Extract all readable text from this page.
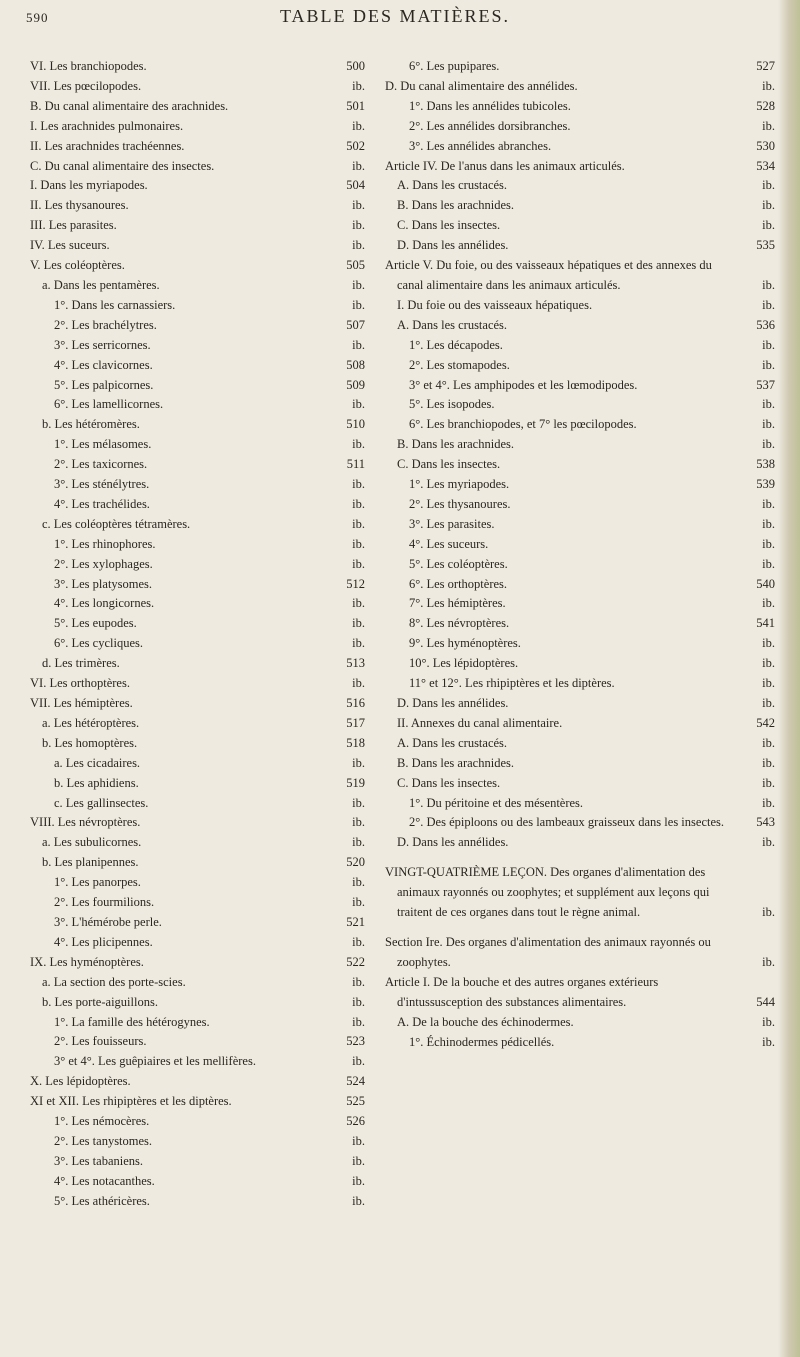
590	TABLE DES MATIÈRES.
VI. Les branchiopodes.	500
VII. Les pœcilopodes.	ib.
B. Du canal alimentaire des arachnides.	501
I. Les arachnides pulmonaires.	ib.
II. Les arachnides trachéennes.	502
C. Du canal alimentaire des insectes.	ib.
I. Dans les myriapodes.	504
II. Les thysanoures.	ib.
III. Les parasites.	ib.
IV. Les suceurs.	ib.
V. Les coléoptères.	505
a. Dans les pentamères.	ib.
1°. Dans les carnassiers.	ib.
2°. Les brachélytres.	507
3°. Les serricornes.	ib.
4°. Les clavicornes.	508
5°. Les palpicornes.	509
6°. Les lamellicornes.	ib.
b. Les hétéromères.	510
1°. Les mélasomes.	ib.
2°. Les taxicornes.	511
3°. Les sténélytres.	ib.
4°. Les trachélides.	ib.
c. Les coléoptères tétramères.	ib.
1°. Les rhinophores.	ib.
2°. Les xylophages.	ib.
3°. Les platysomes.	512
4°. Les longicornes.	ib.
5°. Les eupodes.	ib.
6°. Les cycliques.	ib.
d. Les trimères.	513
VI. Les orthoptères.	ib.
VII. Les hémiptères.	516
a. Les hétéroptères.	517
b. Les homoptères.	518
a. Les cicadaires.	ib.
b. Les aphidiens.	519
c. Les gallinsectes.	ib.
VIII. Les névroptères.	ib.
a. Les subulicornes.	ib.
b. Les planipennes.	520
1°. Les panorpes.	ib.
2°. Les fourmilions.	ib.
3°. L'hémérobe perle.	521
4°. Les plicipennes.	ib.
IX. Les hyménoptères.	522
a. La section des porte-scies.	ib.
b. Les porte-aiguillons.	ib.
1°. La famille des hétérogynes.	ib.
2°. Les fouisseurs.	523
3° et 4°. Les guêpiaires et les mellifères.	ib.
X. Les lépidoptères.	524
XI et XII. Les rhipiptères et les diptères.	525
1°. Les némocères.	526
2°. Les tanystomes.	ib.
3°. Les tabaniens.	ib.
4°. Les notacanthes.	ib.
5°. Les athéricères.	ib.
6°. Les pupipares.	527
D. Du canal alimentaire des annélides.	ib.
1°. Dans les annélides tubicoles.	528
2°. Les annélides dorsibranches.	ib.
3°. Les annélides abranches.	530
Article IV. De l'anus dans les animaux articulés.	534
A. Dans les crustacés.	ib.
B. Dans les arachnides.	ib.
C. Dans les insectes.	ib.
D. Dans les annélides.	535
Article V. Du foie, ou des vaisseaux hépatiques et des annexes du canal alimentaire dans les animaux articulés.	ib.
I. Du foie ou des vaisseaux hépatiques.	ib.
A. Dans les crustacés.	536
1°. Les décapodes.	ib.
2°. Les stomapodes.	ib.
3° et 4°. Les amphipodes et les lœmodipodes.	537
5°. Les isopodes.	ib.
6°. Les branchiopodes, et 7° les pœcilopodes.	ib.
B. Dans les arachnides.	ib.
C. Dans les insectes.	538
1°. Les myriapodes.	539
2°. Les thysanoures.	ib.
3°. Les parasites.	ib.
4°. Les suceurs.	ib.
5°. Les coléoptères.	ib.
6°. Les orthoptères.	540
7°. Les hémiptères.	ib.
8°. Les névroptères.	541
9°. Les hyménoptères.	ib.
10°. Les lépidoptères.	ib.
11° et 12°. Les rhipiptères et les diptères.	ib.
D. Dans les annélides.	ib.
II. Annexes du canal alimentaire.	542
A. Dans les crustacés.	ib.
B. Dans les arachnides.	ib.
C. Dans les insectes.	ib.
1°. Du péritoine et des mésentères.	ib.
2°. Des épiploons ou des lambeaux graisseux dans les insectes.	543
D. Dans les annélides.	ib.
VINGT-QUATRIÈME LEÇON. Des organes d'alimentation des animaux rayonnés ou zoophytes; et supplément aux leçons qui traitent de ces organes dans tout le règne animal.	ib.
Section Ire. Des organes d'alimentation des animaux rayonnés ou zoophytes.	ib.
Article I. De la bouche et des autres organes extérieurs d'intussusception des substances alimentaires.	544
A. De la bouche des échinodermes.	ib.
1°. Échinodermes pédicellés.	ib.
